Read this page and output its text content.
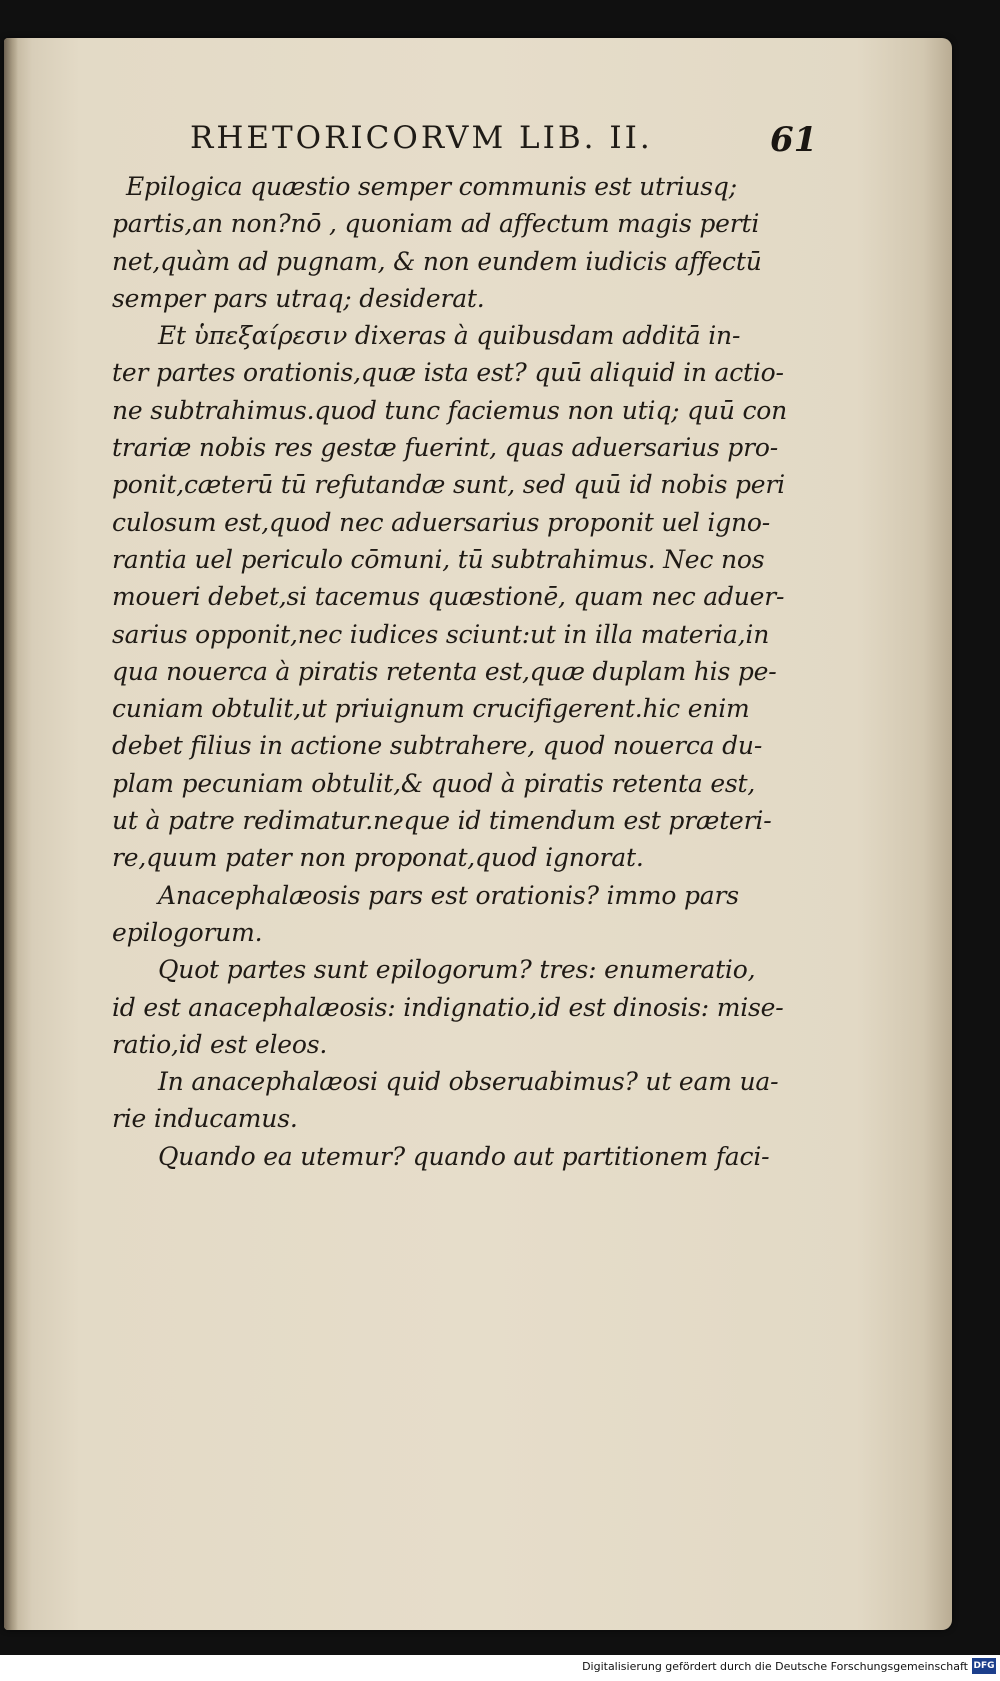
RHETORICORVM LIB. II.	61
Epilogica quæstio semper communis est utriusq;
partis,an non?nō , quoniam ad affectum magis perti
net,quàm ad pugnam, & non eundem iudicis affectū
semper pars utraq; desiderat.
Et ὑπεξαίρεσιν dixeras à quibusdam additā in-
ter partes orationis,quæ ista est? quū aliquid in actio-
ne subtrahimus.quod tunc faciemus non utiq; quū con
trariæ nobis res gestæ fuerint, quas aduersarius pro-
ponit,cæterū tū refutandæ sunt, sed quū id nobis peri
culosum est,quod nec aduersarius proponit uel igno-
rantia uel periculo cōmuni, tū subtrahimus. Nec nos
moueri debet,si tacemus quæstionē, quam nec aduer-
sarius opponit,nec iudices sciunt:ut in illa materia,in
qua nouerca à piratis retenta est,quæ duplam his pe-
cuniam obtulit,ut priuignum crucifigerent.hic enim
debet filius in actione subtrahere, quod nouerca du-
plam pecuniam obtulit,& quod à piratis retenta est,
ut à patre redimatur.neque id timendum est præteri-
re,quum pater non proponat,quod ignorat.
Anacephalæosis pars est orationis? immo pars
epilogorum.
Quot partes sunt epilogorum? tres: enumeratio,
id est anacephalæosis: indignatio,id est dinosis: mise-
ratio,id est eleos.
In anacephalæosi quid obseruabimus? ut eam ua-
rie inducamus.
Quando ea utemur? quando aut partitionem faci-
Digitalisierung gefördert durch die Deutsche Forschungsgemeinschaft DFG
